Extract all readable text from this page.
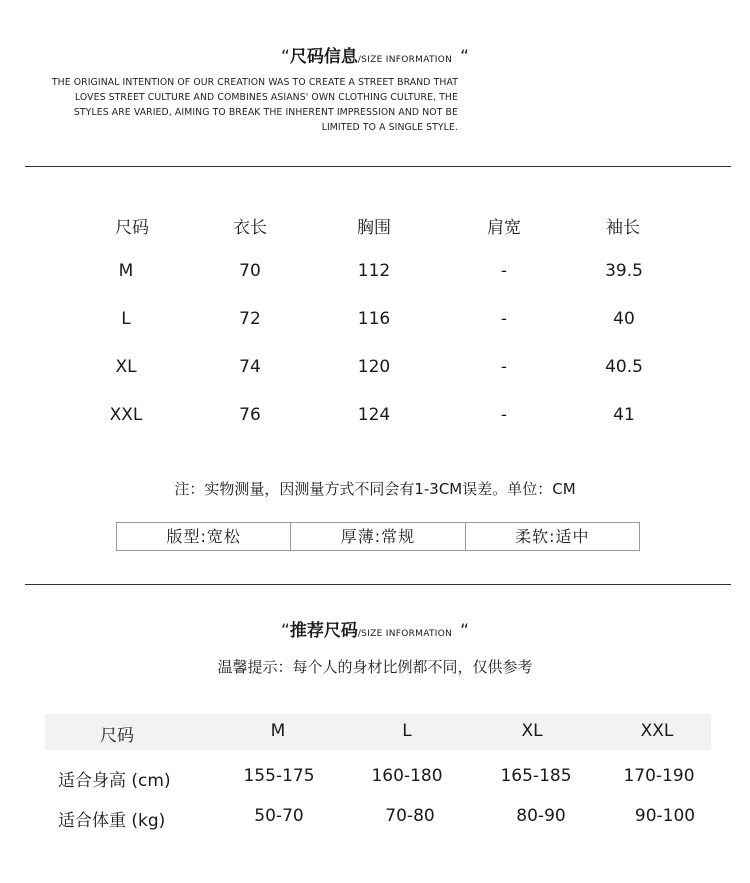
“尺码信息/SIZE INFORMATION “
THE ORIGINAL INTENTION OF OUR CREATION WAS TO CREATE A STREET BRAND THAT
LOVES STREET CULTURE AND COMBINES ASIANS' OWN CLOTHING CULTURE, THE
STYLES ARE VARIED, AIMING TO BREAK THE INHERENT IMPRESSION AND NOT BE
LIMITED TO A SINGLE STYLE.
尺码	衣长	胸围	肩宽	袖长
M	70	112	-	39.5
L	72	116	-	40
XL	74	120	-	40.5
XXL	76	124	-	41
注：实物测量，因测量方式不同会有1-3CM误差。单位：CM
版型:宽松	厚薄:常规	柔软:适中
“推荐尺码/SIZE INFORMATION “
温馨提示：每个人的身材比例都不同，仅供参考
尺码	M	L	XL	XXL
适合身高 (cm)	155-175	160-180	165-185	170-190
适合体重 (kg)	50-70	70-80	80-90	90-100
